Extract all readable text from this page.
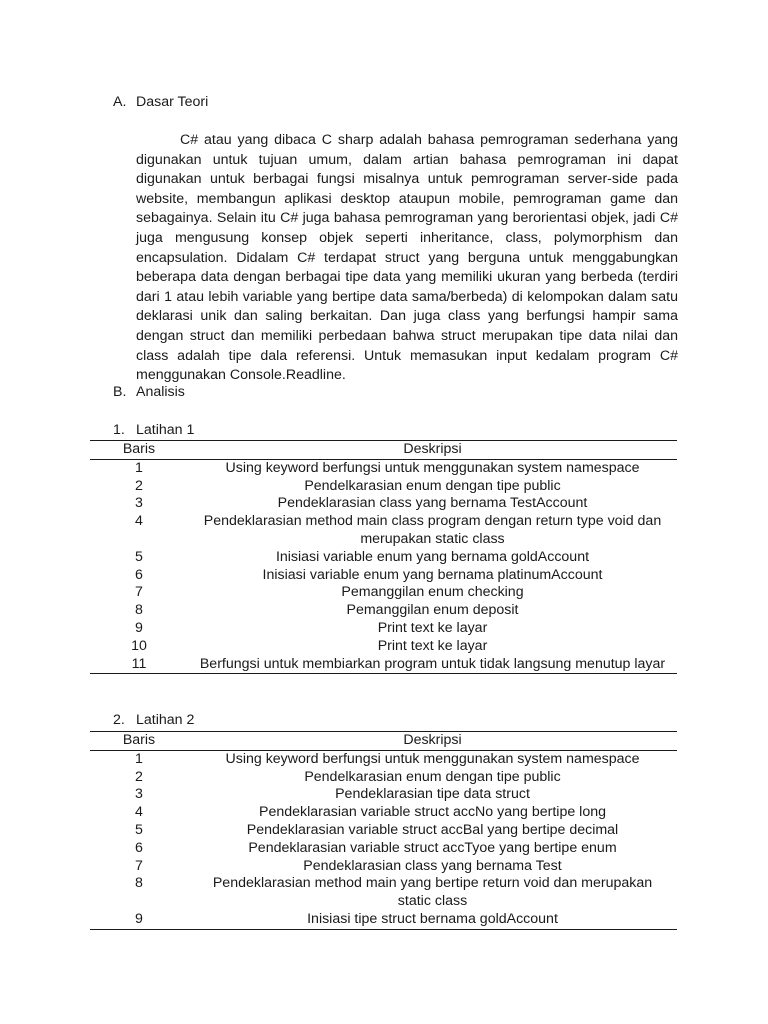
A. Dasar Teori

C# atau yang dibaca C sharp adalah bahasa pemrograman sederhana yang digunakan untuk tujuan umum, dalam artian bahasa pemrograman ini dapat digunakan untuk berbagai fungsi misalnya untuk pemrograman server-side pada website, membangun aplikasi desktop ataupun mobile, pemrograman game dan sebagainya. Selain itu C# juga bahasa pemrograman yang berorientasi objek, jadi C# juga mengusung konsep objek seperti inheritance, class, polymorphism dan encapsulation. Didalam C# terdapat struct yang berguna untuk menggabungkan beberapa data dengan berbagai tipe data yang memiliki ukuran yang berbeda (terdiri dari 1 atau lebih variable yang bertipe data sama/berbeda) di kelompokan dalam satu deklarasi unik dan saling berkaitan. Dan juga class yang berfungsi hampir sama dengan struct dan memiliki perbedaan bahwa struct merupakan tipe data nilai dan class adalah tipe dala referensi. Untuk memasukan input kedalam program C# menggunakan Console.Readline.

B. Analisis
1. Latihan 1
Baris	Deskripsi
1	Using keyword berfungsi untuk menggunakan system namespace
2	Pendelkarasian enum dengan tipe public
3	Pendeklarasian class yang bernama TestAccount
4	Pendeklarasian method main class program dengan return type void dan merupakan static class
5	Inisiasi variable enum yang bernama goldAccount
6	Inisiasi variable enum yang bernama platinumAccount
7	Pemanggilan enum checking
8	Pemanggilan enum deposit
9	Print text ke layar
10	Print text ke layar
11	Berfungsi untuk membiarkan program untuk tidak langsung menutup layar
2. Latihan 2
Baris	Deskripsi
1	Using keyword berfungsi untuk menggunakan system namespace
2	Pendelkarasian enum dengan tipe public
3	Pendeklarasian tipe data struct
4	Pendeklarasian variable struct accNo yang bertipe long
5	Pendeklarasian variable struct accBal yang bertipe decimal
6	Pendeklarasian variable struct accTyoe yang bertipe enum
7	Pendeklarasian class yang bernama Test
8	Pendeklarasian method main yang bertipe return void dan merupakan static class
9	Inisiasi tipe struct bernama goldAccount
